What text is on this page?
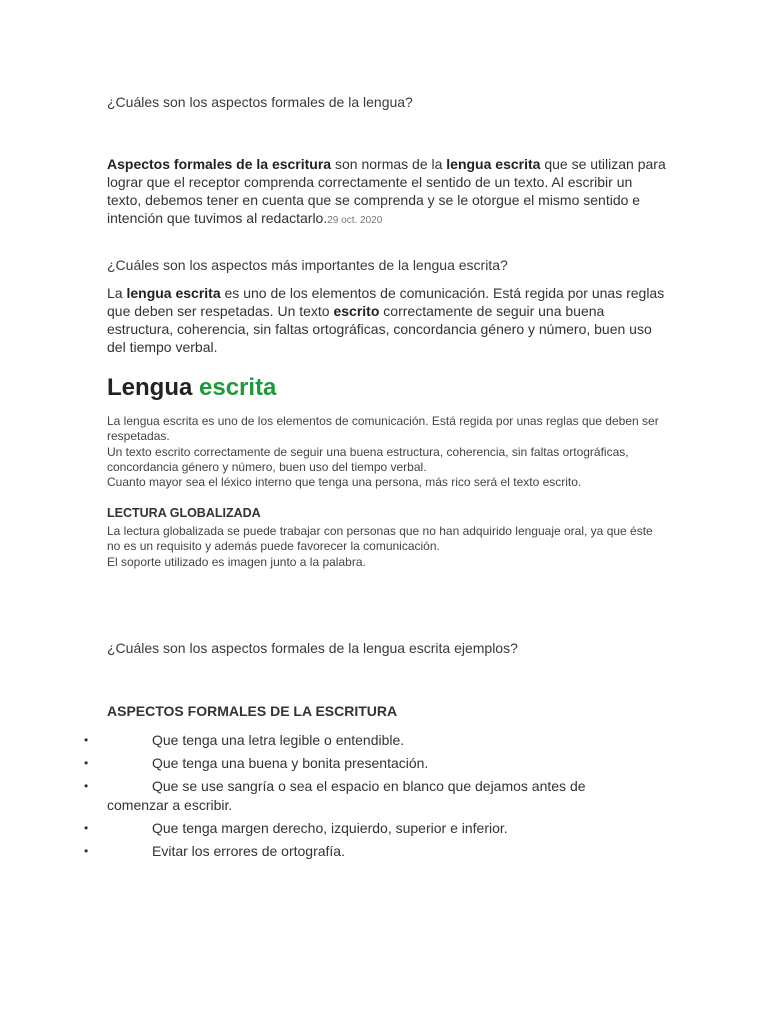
¿Cuáles son los aspectos formales de la lengua?

Aspectos formales de la escritura son normas de la lengua escrita que se utilizan para lograr que el receptor comprenda correctamente el sentido de un texto. Al escribir un texto, debemos tener en cuenta que se comprenda y se le otorgue el mismo sentido e intención que tuvimos al redactarlo.29 oct. 2020

¿Cuáles son los aspectos más importantes de la lengua escrita?

La lengua escrita es uno de los elementos de comunicación. Está regida por unas reglas que deben ser respetadas. Un texto escrito correctamente de seguir una buena estructura, coherencia, sin faltas ortográficas, concordancia género y número, buen uso del tiempo verbal.

Lengua escrita
La lengua escrita es uno de los elementos de comunicación. Está regida por unas reglas que deben ser respetadas.
Un texto escrito correctamente de seguir una buena estructura, coherencia, sin faltas ortográficas, concordancia género y número, buen uso del tiempo verbal.
Cuanto mayor sea el léxico interno que tenga una persona, más rico será el texto escrito.
LECTURA GLOBALIZADA
La lectura globalizada se puede trabajar con personas que no han adquirido lenguaje oral, ya que éste no es un requisito y además puede favorecer la comunicación.
El soporte utilizado es imagen junto a la palabra.

¿Cuáles son los aspectos formales de la lengua escrita ejemplos?

ASPECTOS FORMALES DE LA ESCRITURA
•	Que tenga una letra legible o entendible.
•	Que tenga una buena y bonita presentación.
•	Que se use sangría o sea el espacio en blanco que dejamos antes de comenzar a escribir.
•	Que tenga margen derecho, izquierdo, superior e inferior.
•	Evitar los errores de ortografía.
